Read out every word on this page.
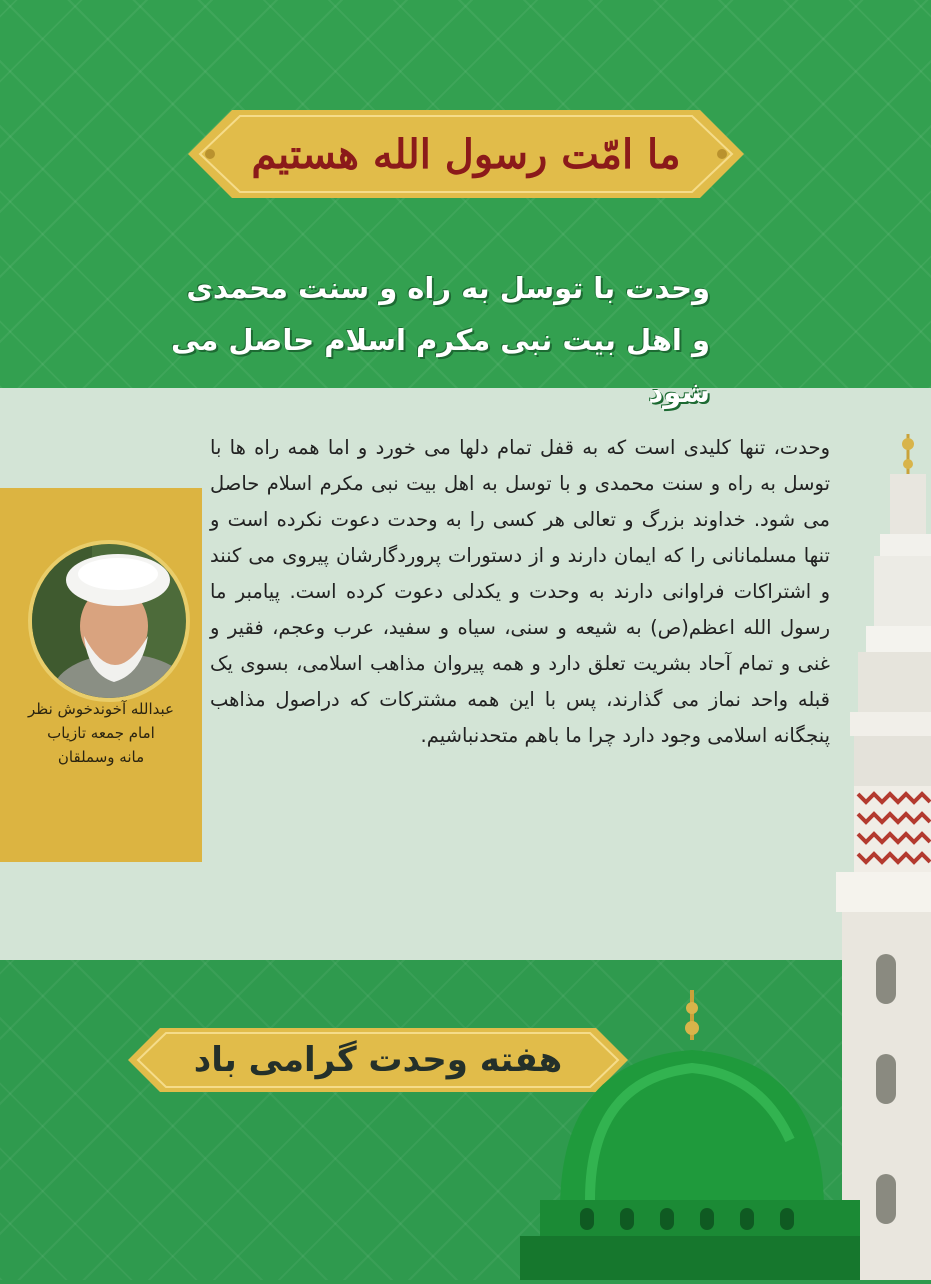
ما امّت رسول الله هستیم
وحدت با توسل به راه و سنت محمدی
و اهل بیت نبی مکرم اسلام حاصل می شود
وحدت، تنها کلیدی است که به قفل تمام دلها می خورد و اما همه راه ها با توسل به راه و سنت محمدی و با توسل به اهل بیت نبی مکرم اسلام حاصل می شود. خداوند بزرگ و تعالی هر کسی را به وحدت دعوت نکرده است و تنها مسلمانانی را که ایمان دارند و از دستورات پروردگارشان پیروی می کنند و اشتراکات فراوانی دارند به وحدت و یکدلی دعوت کرده است. پیامبر ما رسول الله اعظم(ص) به شیعه و سنی، سیاه و سفید، عرب وعجم، فقیر و غنی و تمام آحاد بشریت تعلق دارد و همه پیروان مذاهب اسلامی، بسوی یک قبله واحد نماز می گذارند، پس با این همه مشترکات که دراصول مذاهب پنجگانه اسلامی وجود دارد چرا ما باهم متحدنباشیم.
عبدالله آخوندخوش نظر
امام جمعه تازیاب
مانه وسملقان
هفته وحدت گرامی باد
